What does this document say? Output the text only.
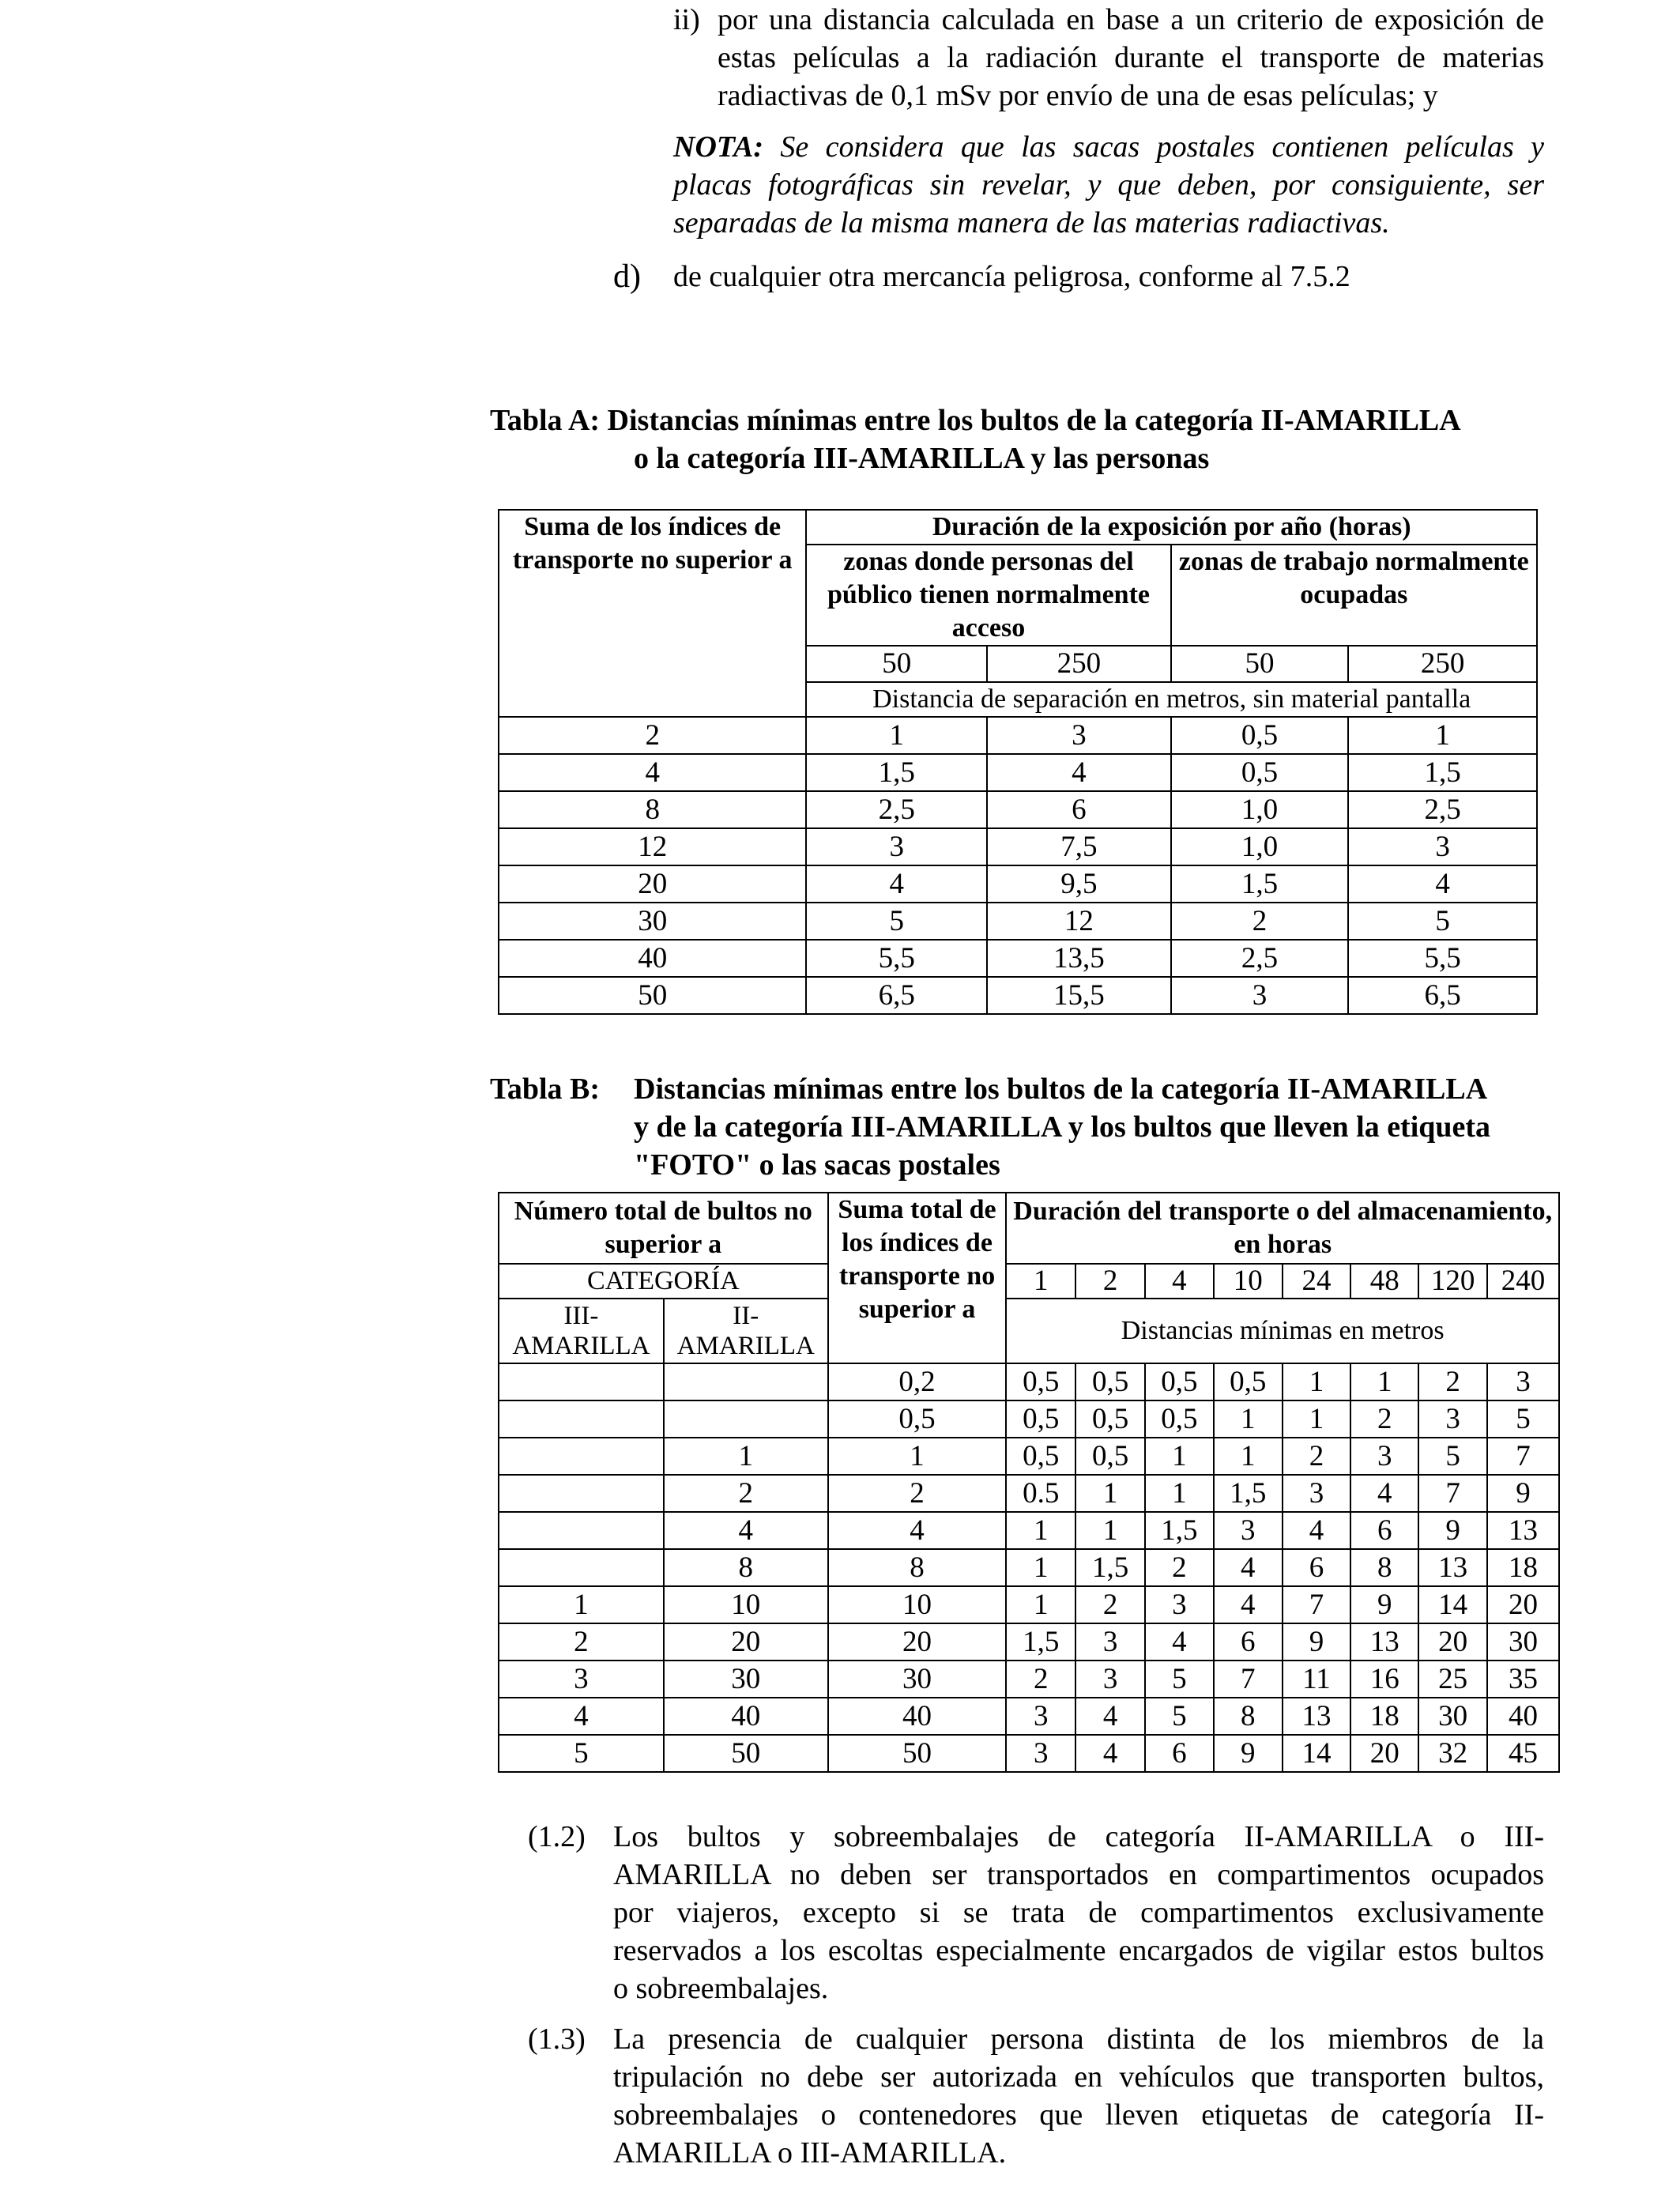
ii) por una distancia calculada en base a un criterio de exposición de
estas películas a la radiación durante el transporte de materias
radiactivas de 0,1 mSv por envío de una de esas películas; y
NOTA: Se considera que las sacas postales contienen películas y
placas fotográficas sin revelar, y que deben, por consiguiente, ser
separadas de la misma manera de las materias radiactivas.
d) de cualquier otra mercancía peligrosa, conforme al 7.5.2
Tabla A: Distancias mínimas entre los bultos de la categoría II-AMARILLA
o la categoría III-AMARILLA y las personas
Suma de los índices de transporte no superior a	Duración de la exposición por año (horas)			
	zonas donde personas del público tienen normalmente acceso		zonas de trabajo normalmente ocupadas	
	50	250	50	250
	Distancia de separación en metros, sin material pantalla			
2	1	3	0,5	1
4	1,5	4	0,5	1,5
8	2,5	6	1,0	2,5
12	3	7,5	1,0	3
20	4	9,5	1,5	4
30	5	12	2	5
40	5,5	13,5	2,5	5,5
50	6,5	15,5	3	6,5
Tabla B: Distancias mínimas entre los bultos de la categoría II-AMARILLA
y de la categoría III-AMARILLA y los bultos que lleven la etiqueta
"FOTO" o las sacas postales
Número total de bultos no superior a		Suma total de los índices de transporte no superior a	Duración del transporte o del almacenamiento, en horas							
CATEGORÍA			1	2	4	10	24	48	120	240
III- AMARILLA	II- AMARILLA		Distancias mínimas en metros							
		0,2	0,5	0,5	0,5	0,5	1	1	2	3
		0,5	0,5	0,5	0,5	1	1	2	3	5
	1	1	0,5	0,5	1	1	2	3	5	7
	2	2	0.5	1	1	1,5	3	4	7	9
	4	4	1	1	1,5	3	4	6	9	13
	8	8	1	1,5	2	4	6	8	13	18
1	10	10	1	2	3	4	7	9	14	20
2	20	20	1,5	3	4	6	9	13	20	30
3	30	30	2	3	5	7	11	16	25	35
4	40	40	3	4	5	8	13	18	30	40
5	50	50	3	4	6	9	14	20	32	45
(1.2) Los bultos y sobreembalajes de categoría II-AMARILLA o III-
AMARILLA no deben ser transportados en compartimentos ocupados
por viajeros, excepto si se trata de compartimentos exclusivamente
reservados a los escoltas especialmente encargados de vigilar estos bultos
o sobreembalajes.
(1.3) La presencia de cualquier persona distinta de los miembros de la
tripulación no debe ser autorizada en vehículos que transporten bultos,
sobreembalajes o contenedores que lleven etiquetas de categoría II-
AMARILLA o III-AMARILLA.
